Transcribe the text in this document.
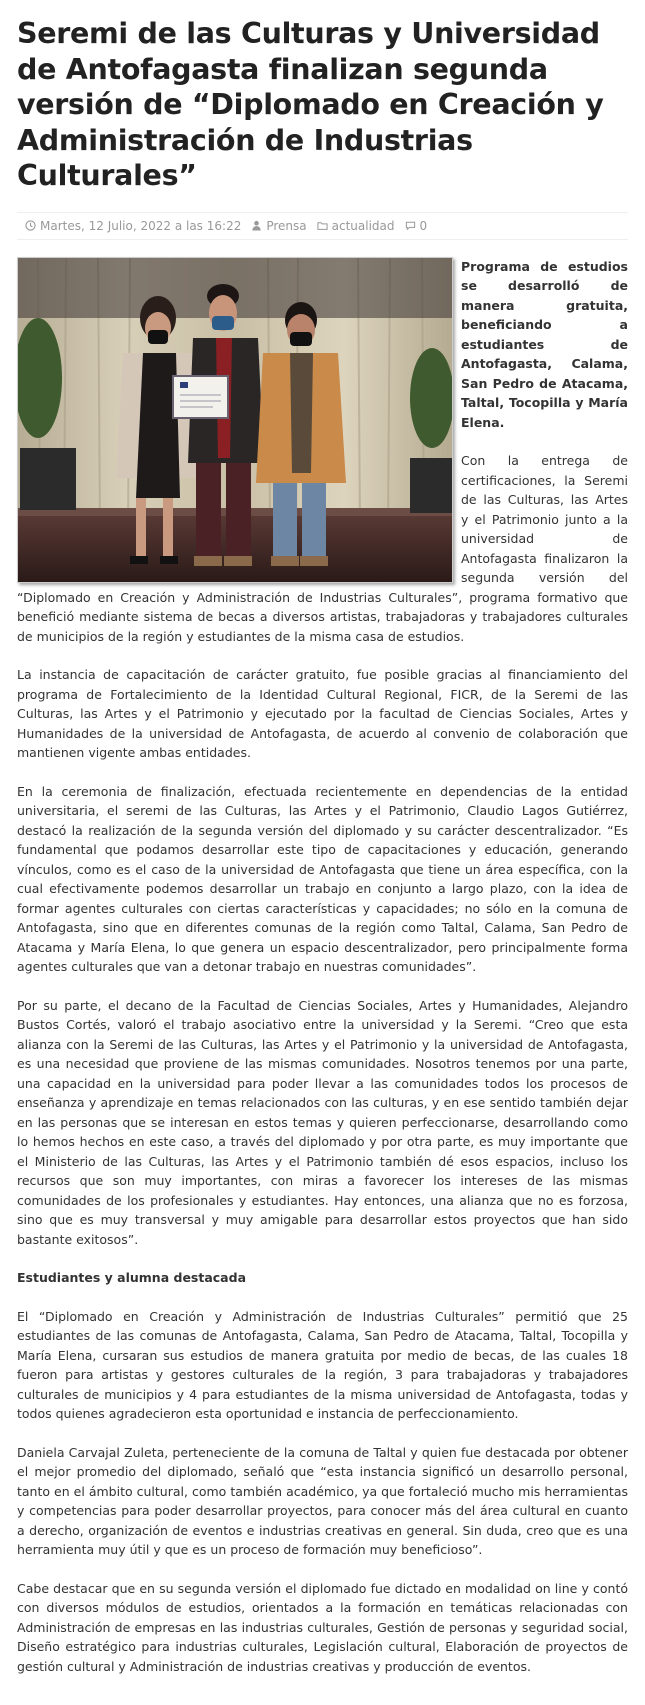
Seremi de las Culturas y Universidad de Antofagasta finalizan segunda versión de “Diplomado en Creación y Administración de Industrias Culturales”
Martes, 12 Julio, 2022 a las 16:22 Prensa actualidad 0

Programa de estudios se desarrolló de manera gratuita, beneficiando a estudiantes de Antofagasta, Calama, San Pedro de Atacama, Taltal, Tocopilla y María Elena.

Con la entrega de certificaciones, la Seremi de las Culturas, las Artes y el Patrimonio junto a la universidad de Antofagasta finalizaron la segunda versión del “Diplomado en Creación y Administración de Industrias Culturales”, programa formativo que benefició mediante sistema de becas a diversos artistas, trabajadoras y trabajadores culturales de municipios de la región y estudiantes de la misma casa de estudios.

La instancia de capacitación de carácter gratuito, fue posible gracias al financiamiento del programa de Fortalecimiento de la Identidad Cultural Regional, FICR, de la Seremi de las Culturas, las Artes y el Patrimonio y ejecutado por la facultad de Ciencias Sociales, Artes y Humanidades de la universidad de Antofagasta, de acuerdo al convenio de colaboración que mantienen vigente ambas entidades.

En la ceremonia de finalización, efectuada recientemente en dependencias de la entidad universitaria, el seremi de las Culturas, las Artes y el Patrimonio, Claudio Lagos Gutiérrez, destacó la realización de la segunda versión del diplomado y su carácter descentralizador. “Es fundamental que podamos desarrollar este tipo de capacitaciones y educación, generando vínculos, como es el caso de la universidad de Antofagasta que tiene un área específica, con la cual efectivamente podemos desarrollar un trabajo en conjunto a largo plazo, con la idea de formar agentes culturales con ciertas características y capacidades; no sólo en la comuna de Antofagasta, sino que en diferentes comunas de la región como Taltal, Calama, San Pedro de Atacama y María Elena, lo que genera un espacio descentralizador, pero principalmente forma agentes culturales que van a detonar trabajo en nuestras comunidades”.

Por su parte, el decano de la Facultad de Ciencias Sociales, Artes y Humanidades, Alejandro Bustos Cortés, valoró el trabajo asociativo entre la universidad y la Seremi. “Creo que esta alianza con la Seremi de las Culturas, las Artes y el Patrimonio y la universidad de Antofagasta, es una necesidad que proviene de las mismas comunidades. Nosotros tenemos por una parte, una capacidad en la universidad para poder llevar a las comunidades todos los procesos de enseñanza y aprendizaje en temas relacionados con las culturas, y en ese sentido también dejar en las personas que se interesan en estos temas y quieren perfeccionarse, desarrollando como lo hemos hechos en este caso, a través del diplomado y por otra parte, es muy importante que el Ministerio de las Culturas, las Artes y el Patrimonio también dé esos espacios, incluso los recursos que son muy importantes, con miras a favorecer los intereses de las mismas comunidades de los profesionales y estudiantes. Hay entonces, una alianza que no es forzosa, sino que es muy transversal y muy amigable para desarrollar estos proyectos que han sido bastante exitosos”.

Estudiantes y alumna destacada

El “Diplomado en Creación y Administración de Industrias Culturales” permitió que 25 estudiantes de las comunas de Antofagasta, Calama, San Pedro de Atacama, Taltal, Tocopilla y María Elena, cursaran sus estudios de manera gratuita por medio de becas, de las cuales 18 fueron para artistas y gestores culturales de la región, 3 para trabajadoras y trabajadores culturales de municipios y 4 para estudiantes de la misma universidad de Antofagasta, todas y todos quienes agradecieron esta oportunidad e instancia de perfeccionamiento.

Daniela Carvajal Zuleta, perteneciente de la comuna de Taltal y quien fue destacada por obtener el mejor promedio del diplomado, señaló que “esta instancia significó un desarrollo personal, tanto en el ámbito cultural, como también académico, ya que fortaleció mucho mis herramientas y competencias para poder desarrollar proyectos, para conocer más del área cultural en cuanto a derecho, organización de eventos e industrias creativas en general. Sin duda, creo que es una herramienta muy útil y que es un proceso de formación muy beneficioso”.

Cabe destacar que en su segunda versión el diplomado fue dictado en modalidad on line y contó con diversos módulos de estudios, orientados a la formación en temáticas relacionadas con Administración de empresas en las industrias culturales, Gestión de personas y seguridad social, Diseño estratégico para industrias culturales, Legislación cultural, Elaboración de proyectos de gestión cultural y Administración de industrias creativas y producción de eventos.
